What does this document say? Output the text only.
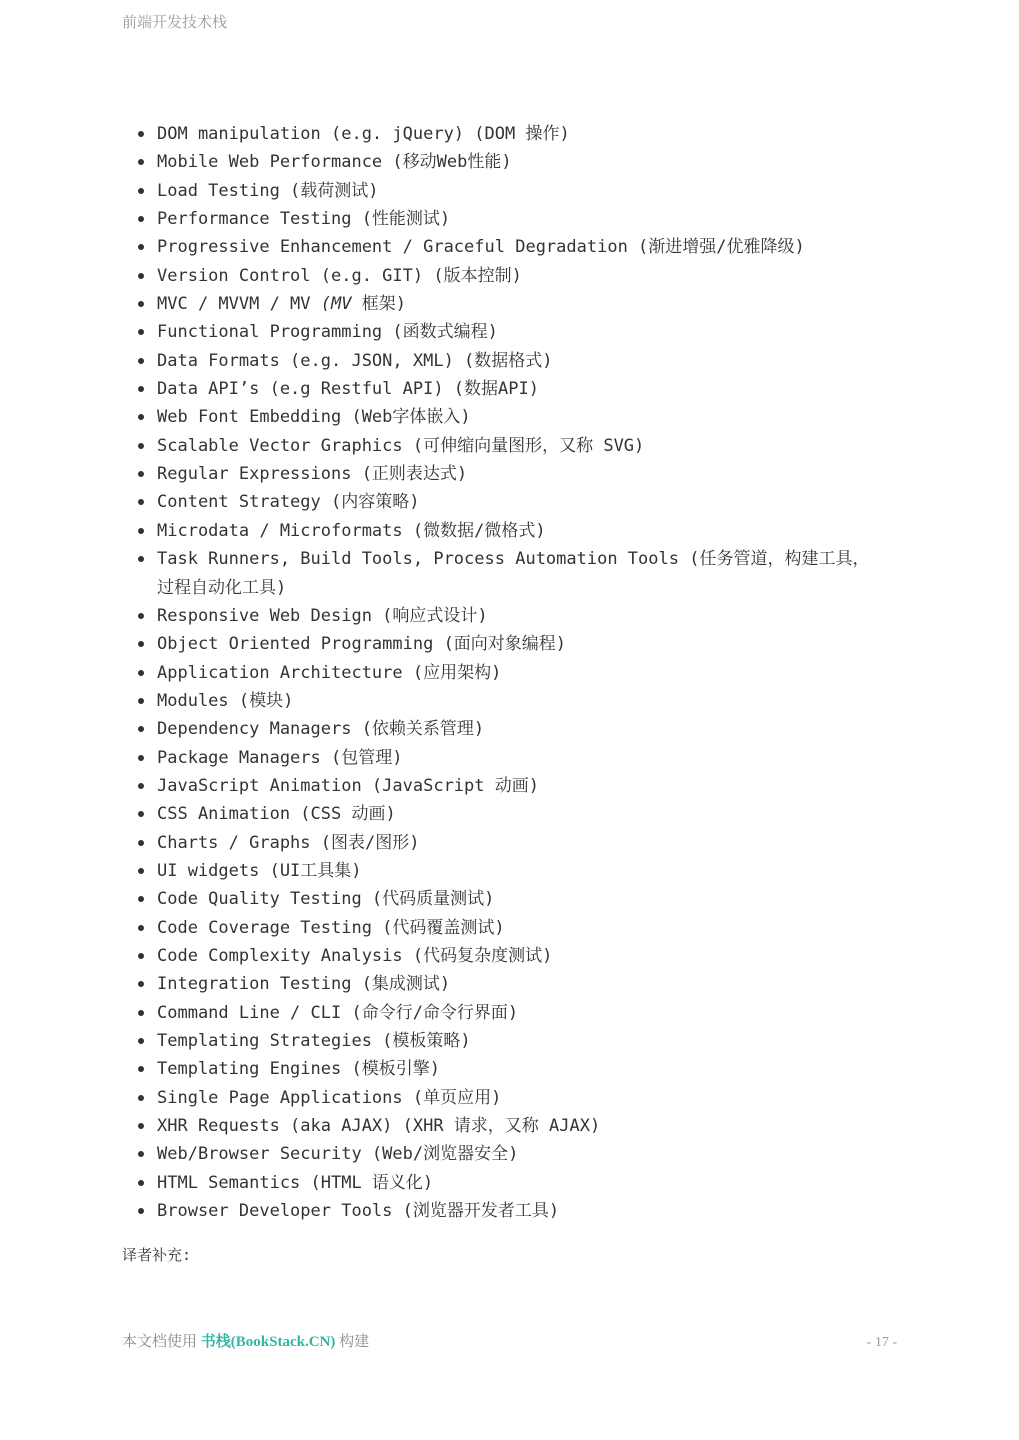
前端开发技术栈
DOM manipulation (e.g. jQuery) (DOM 操作)
Mobile Web Performance (移动Web性能)
Load Testing (载荷测试)
Performance Testing (性能测试)
Progressive Enhancement / Graceful Degradation (渐进增强/优雅降级)
Version Control (e.g. GIT) (版本控制)
MVC / MVVM / MV (MV 框架)
Functional Programming (函数式编程)
Data Formats (e.g. JSON, XML) (数据格式)
Data API’s (e.g Restful API) (数据API)
Web Font Embedding (Web字体嵌入)
Scalable Vector Graphics (可伸缩向量图形，又称 SVG)
Regular Expressions (正则表达式)
Content Strategy (内容策略)
Microdata / Microformats (微数据/微格式)
Task Runners, Build Tools, Process Automation Tools (任务管道，构建工具，
过程自动化工具)
Responsive Web Design (响应式设计)
Object Oriented Programming (面向对象编程)
Application Architecture (应用架构)
Modules (模块)
Dependency Managers (依赖关系管理)
Package Managers (包管理)
JavaScript Animation (JavaScript 动画)
CSS Animation (CSS 动画)
Charts / Graphs (图表/图形)
UI widgets (UI工具集)
Code Quality Testing (代码质量测试)
Code Coverage Testing (代码覆盖测试)
Code Complexity Analysis (代码复杂度测试)
Integration Testing (集成测试)
Command Line / CLI (命令行/命令行界面)
Templating Strategies (模板策略)
Templating Engines (模板引擎)
Single Page Applications (单页应用)
XHR Requests (aka AJAX) (XHR 请求，又称 AJAX)
Web/Browser Security (Web/浏览器安全)
HTML Semantics (HTML 语义化)
Browser Developer Tools (浏览器开发者工具)
译者补充:
本文档使用 书栈(BookStack.CN) 构建	- 17 -
